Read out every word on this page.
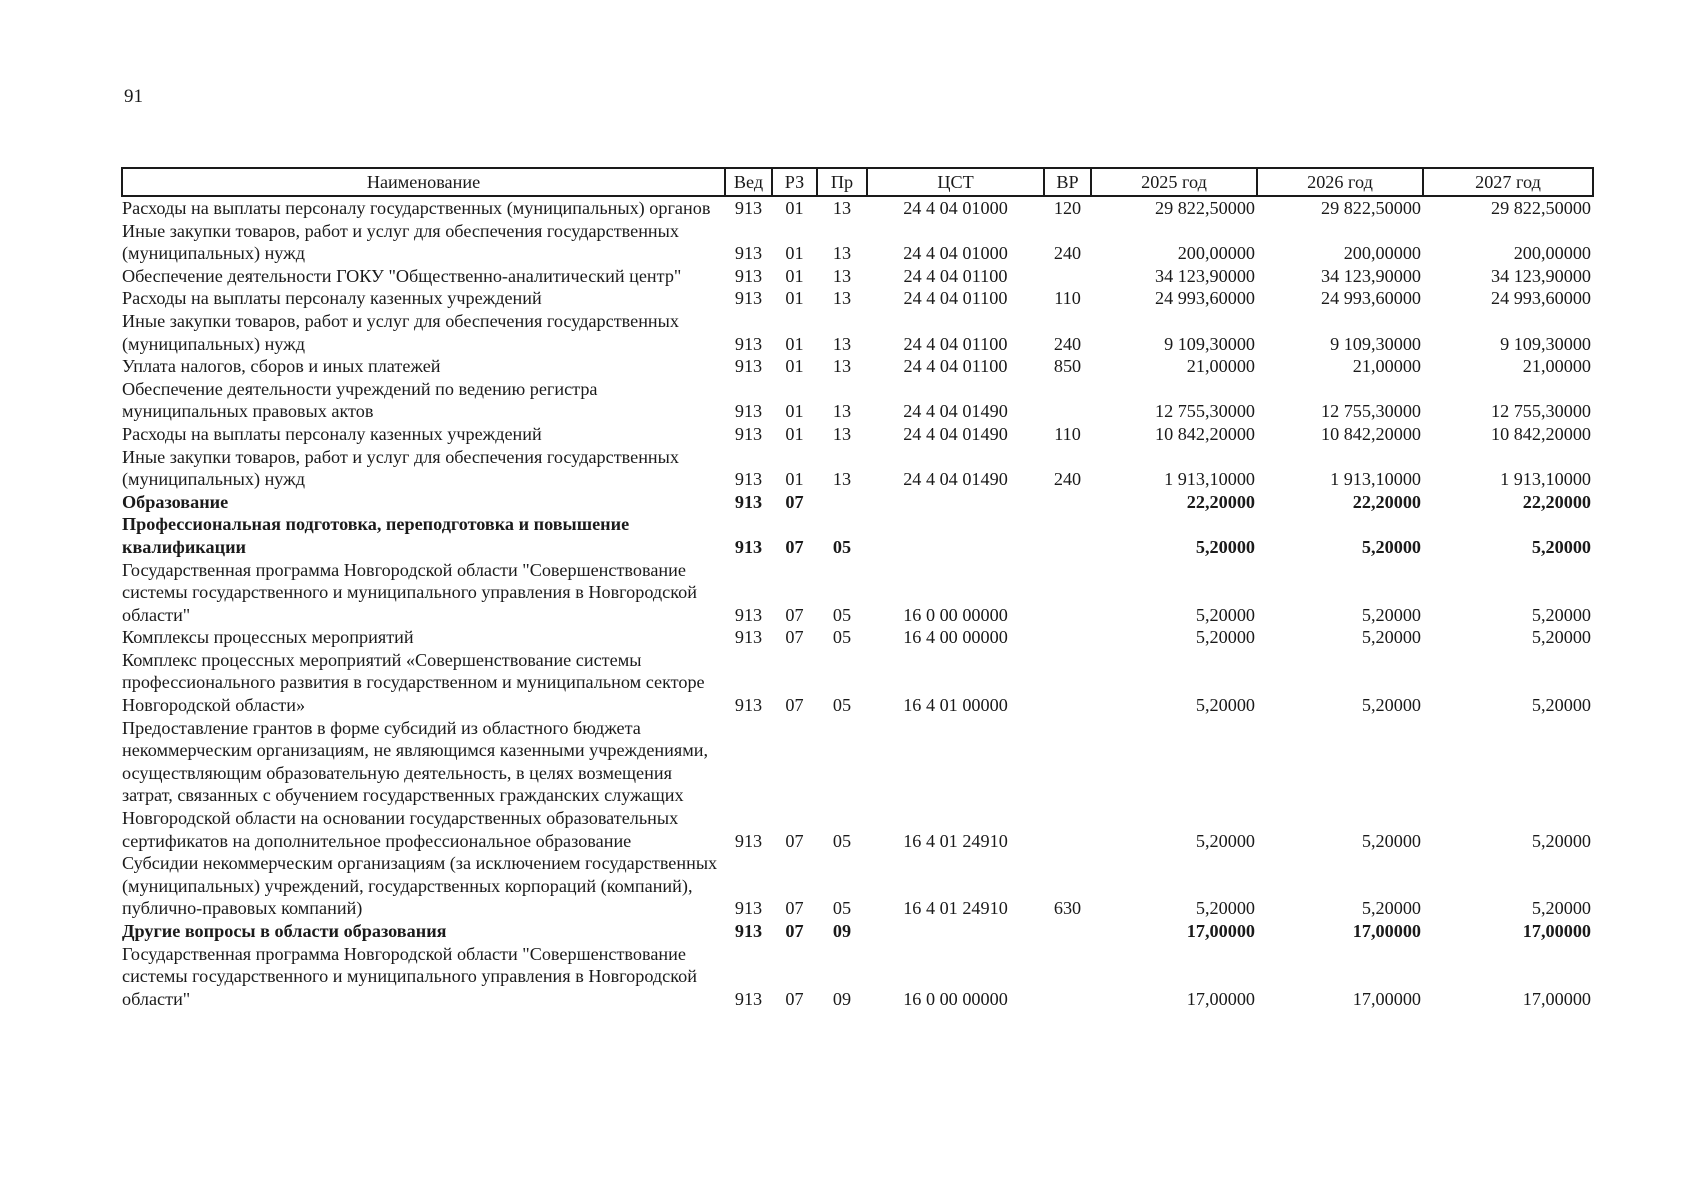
91
Наименование	Вед	РЗ	Пр	ЦСТ	ВР	2025 год	2026 год	2027 год
Расходы на выплаты персоналу государственных (муниципальных) органов	913	01	13	24 4 04 01000	120	29 822,50000	29 822,50000	29 822,50000
Иные закупки товаров, работ и услуг для обеспечения государственных (муниципальных) нужд	913	01	13	24 4 04 01000	240	200,00000	200,00000	200,00000
Обеспечение деятельности ГОКУ "Общественно-аналитический центр"	913	01	13	24 4 04 01100		34 123,90000	34 123,90000	34 123,90000
Расходы на выплаты персоналу казенных учреждений	913	01	13	24 4 04 01100	110	24 993,60000	24 993,60000	24 993,60000
Иные закупки товаров, работ и услуг для обеспечения государственных (муниципальных) нужд	913	01	13	24 4 04 01100	240	9 109,30000	9 109,30000	9 109,30000
Уплата налогов, сборов и иных платежей	913	01	13	24 4 04 01100	850	21,00000	21,00000	21,00000
Обеспечение деятельности учреждений по ведению регистра муниципальных правовых актов	913	01	13	24 4 04 01490		12 755,30000	12 755,30000	12 755,30000
Расходы на выплаты персоналу казенных учреждений	913	01	13	24 4 04 01490	110	10 842,20000	10 842,20000	10 842,20000
Иные закупки товаров, работ и услуг для обеспечения государственных (муниципальных) нужд	913	01	13	24 4 04 01490	240	1 913,10000	1 913,10000	1 913,10000
Образование	913	07				22,20000	22,20000	22,20000
Профессиональная подготовка, переподготовка и повышение квалификации	913	07	05			5,20000	5,20000	5,20000
Государственная программа Новгородской области "Совершенствование системы государственного и муниципального управления в Новгородской области"	913	07	05	16 0 00 00000		5,20000	5,20000	5,20000
Комплексы процессных мероприятий	913	07	05	16 4 00 00000		5,20000	5,20000	5,20000
Комплекс процессных мероприятий «Совершенствование системы профессионального развития в государственном и муниципальном секторе Новгородской области»	913	07	05	16 4 01 00000		5,20000	5,20000	5,20000
Предоставление грантов в форме субсидий из областного бюджета некоммерческим организациям, не являющимся казенными учреждениями, осуществляющим образовательную деятельность, в целях возмещения затрат, связанных с обучением государственных гражданских служащих Новгородской области на основании государственных образовательных сертификатов на дополнительное профессиональное образование	913	07	05	16 4 01 24910		5,20000	5,20000	5,20000
Субсидии некоммерческим организациям (за исключением государственных (муниципальных) учреждений, государственных корпораций (компаний), публично-правовых компаний)	913	07	05	16 4 01 24910	630	5,20000	5,20000	5,20000
Другие вопросы в области образования	913	07	09			17,00000	17,00000	17,00000
Государственная программа Новгородской области "Совершенствование системы государственного и муниципального управления в Новгородской области"	913	07	09	16 0 00 00000		17,00000	17,00000	17,00000
